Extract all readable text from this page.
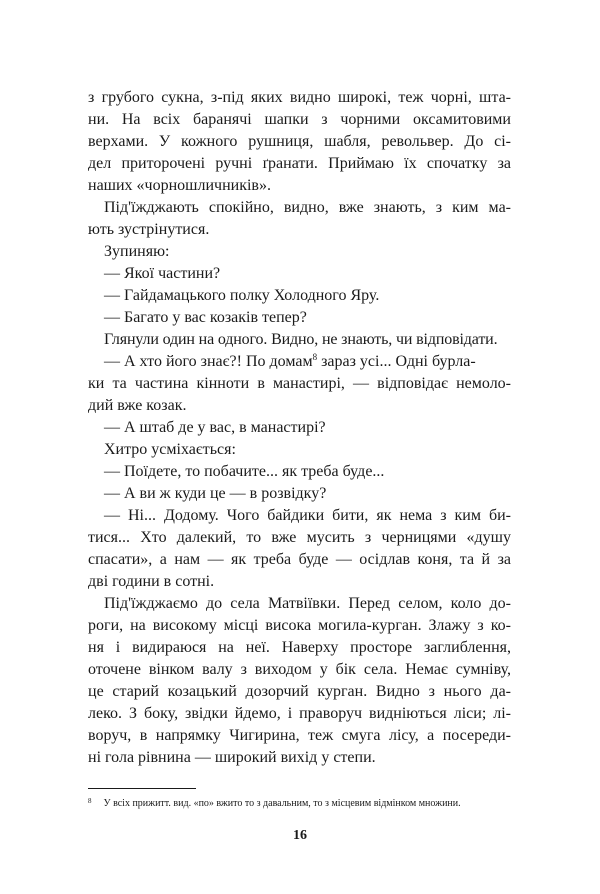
з грубого сукна, з-під яких видно широкі, теж чорні, шта-
ни. На всіх баранячі шапки з чорними оксамитовими
верхами. У кожного рушниця, шабля, револьвер. До сі-
дел приторочені ручні ґранати. Приймаю їх спочатку за
наших «чорношличників».
Під'їжджають спокійно, видно, вже знають, з ким ма-
ють зустрінутися.
Зупиняю:
— Якої частини?
— Гайдамацького полку Холодного Яру.
— Багато у вас козаків тепер?
Глянули один на одного. Видно, не знають, чи відповідати.
— А хто його знає?! По домам$^8$ зараз усі... Одні бурла-
ки та частина кінноти в манастирі, — відповідає немоло-
дий вже козак.
— А штаб де у вас, в манастирі?
Хитро усміхається:
— Поїдете, то побачите... як треба буде...
— А ви ж куди це — в розвідку?
— Ні... Додому. Чого байдики бити, як нема з ким би-
тися... Хто далекий, то вже мусить з черницями «душу
спасати», а нам — як треба буде — осідлав коня, та й за
дві години в сотні.
Під'їжджаємо до села Матвіївки. Перед селом, коло до-
роги, на високому місці висока могила-курган. Злажу з ко-
ня і видираюся на неї. Наверху просторе заглиблення,
оточене вінком валу з виходом у бік села. Немає сумніву,
це старий козацький дозорчий курган. Видно з нього да-
леко. З боку, звідки йдемо, і праворуч видніються ліси; лі-
воруч, в напрямку Чигирина, теж смуга лісу, а посереди-
ні гола рівнина — широкий вихід у степи.
$^8$ У всіх прижитт. вид. «по» вжито то з давальним, то з місцевим відмінком множини.
16
